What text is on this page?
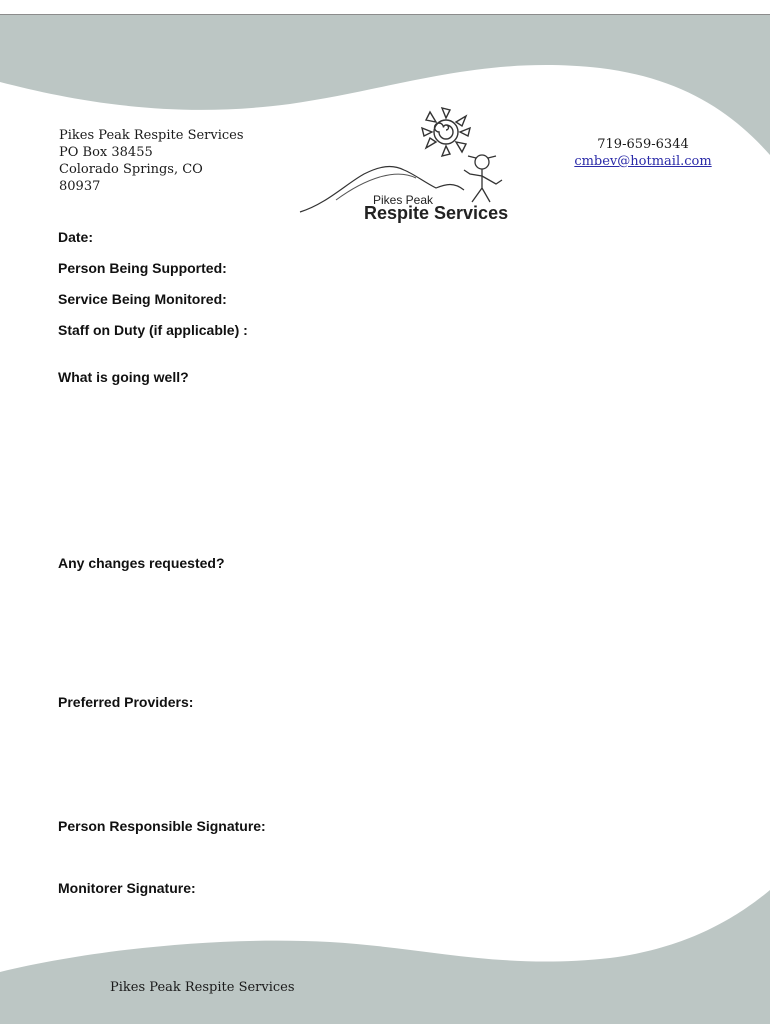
Pikes Peak Respite Services
PO Box 38455
Colorado Springs, CO
80937
Pikes Peak
Respite Services
719-659-6344
cmbev@hotmail.com
Date:
Person Being Supported:
Service Being Monitored:
Staff on Duty (if applicable) :
What is going well?
Any changes requested?
Preferred Providers:
Person Responsible Signature:
Monitorer Signature:
Pikes Peak Respite Services
